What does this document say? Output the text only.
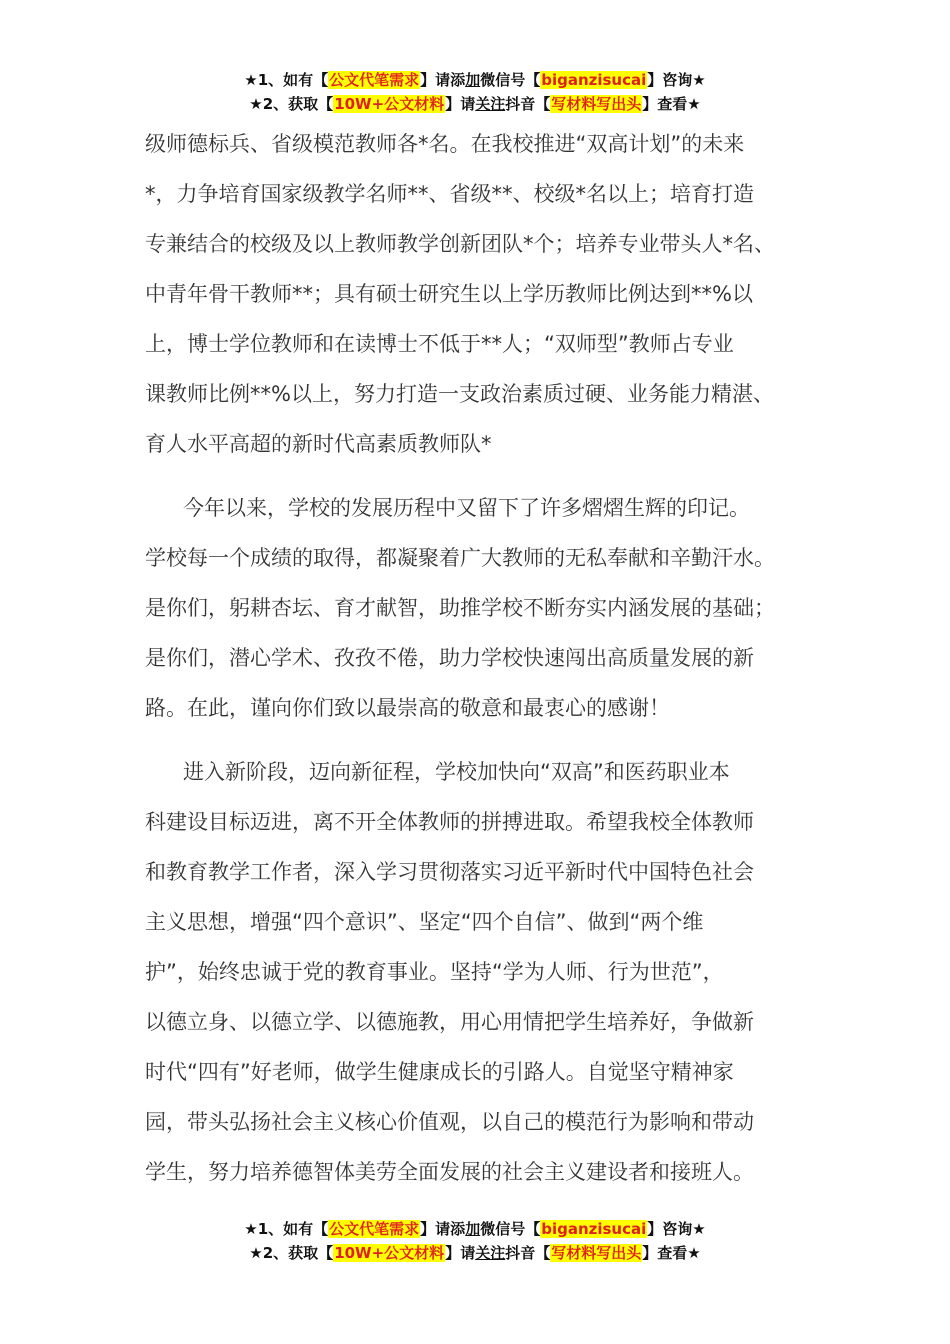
★1、如有【公文代笔需求】请添加微信号【biganzisucai】咨询★
★2、获取【10W+公文材料】请关注抖音【写材料写出头】查看★
级师德标兵、省级模范教师各*名。在我校推进“双高计划”的未来
*，力争培育国家级教学名师**、省级**、校级*名以上；培育打造
专兼结合的校级及以上教师教学创新团队*个；培养专业带头人*名、
中青年骨干教师**；具有硕士研究生以上学历教师比例达到**%以
上，博士学位教师和在读博士不低于**人；“双师型”教师占专业
课教师比例**%以上，努力打造一支政治素质过硬、业务能力精湛、
育人水平高超的新时代高素质教师队*
今年以来，学校的发展历程中又留下了许多熠熠生辉的印记。
学校每一个成绩的取得，都凝聚着广大教师的无私奉献和辛勤汗水。
是你们，躬耕杏坛、育才献智，助推学校不断夯实内涵发展的基础；
是你们，潜心学术、孜孜不倦，助力学校快速闯出高质量发展的新
路。在此，谨向你们致以最崇高的敬意和最衷心的感谢！
进入新阶段，迈向新征程，学校加快向“双高”和医药职业本
科建设目标迈进，离不开全体教师的拼搏进取。希望我校全体教师
和教育教学工作者，深入学习贯彻落实习近平新时代中国特色社会
主义思想，增强“四个意识”、坚定“四个自信”、做到“两个维
护”，始终忠诚于党的教育事业。坚持“学为人师、行为世范”，
以德立身、以德立学、以德施教，用心用情把学生培养好，争做新
时代“四有”好老师，做学生健康成长的引路人。自觉坚守精神家
园，带头弘扬社会主义核心价值观，以自己的模范行为影响和带动
学生，努力培养德智体美劳全面发展的社会主义建设者和接班人。
★1、如有【公文代笔需求】请添加微信号【biganzisucai】咨询★
★2、获取【10W+公文材料】请关注抖音【写材料写出头】查看★
